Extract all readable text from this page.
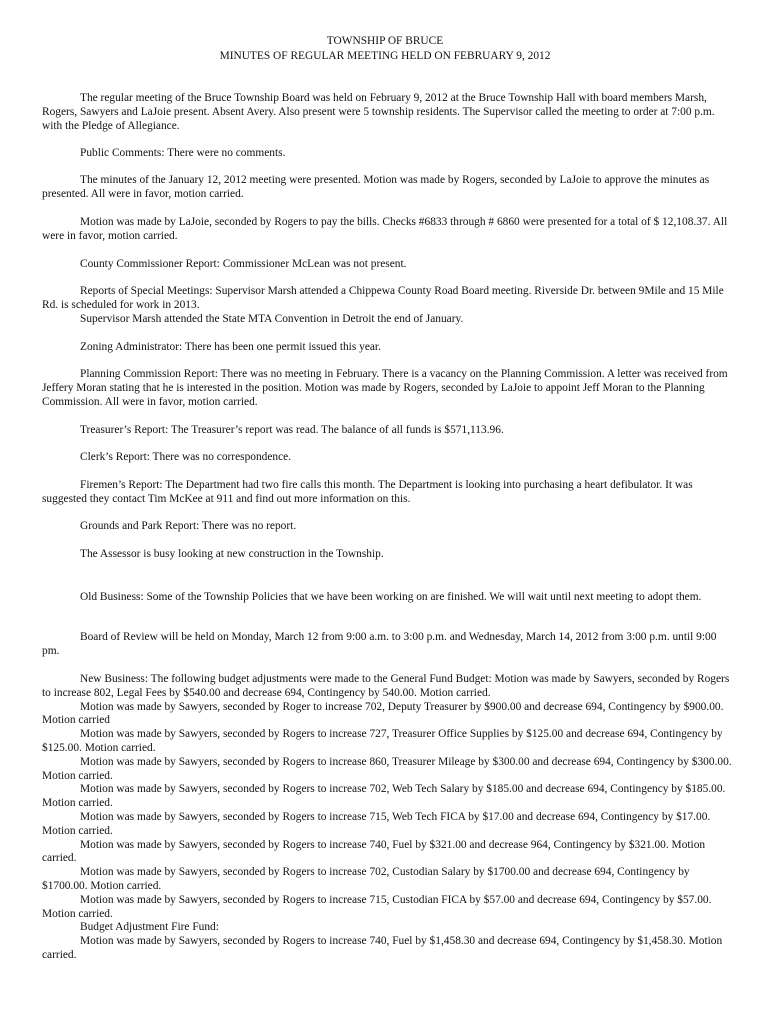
TOWNSHIP OF BRUCE
MINUTES OF REGULAR MEETING HELD ON FEBRUARY 9, 2012

The regular meeting of the Bruce Township Board was held on February 9, 2012 at the Bruce Township Hall with board members Marsh, Rogers, Sawyers and LaJoie present. Absent Avery. Also present were 5 township residents. The Supervisor called the meeting to order at 7:00 p.m. with the Pledge of Allegiance.

Public Comments: There were no comments.

The minutes of the January 12, 2012 meeting were presented. Motion was made by Rogers, seconded by LaJoie to approve the minutes as presented. All were in favor, motion carried.

Motion was made by LaJoie, seconded by Rogers to pay the bills. Checks #6833 through # 6860 were presented for a total of $ 12,108.37. All were in favor, motion carried.

County Commissioner Report: Commissioner McLean was not present.

Reports of Special Meetings: Supervisor Marsh attended a Chippewa County Road Board meeting. Riverside Dr. between 9Mile and 15 Mile Rd. is scheduled for work in 2013.

Supervisor Marsh attended the State MTA Convention in Detroit the end of January.

Zoning Administrator: There has been one permit issued this year.

Planning Commission Report: There was no meeting in February. There is a vacancy on the Planning Commission. A letter was received from Jeffery Moran stating that he is interested in the position. Motion was made by Rogers, seconded by LaJoie to appoint Jeff Moran to the Planning Commission. All were in favor, motion carried.

Treasurer’s Report: The Treasurer’s report was read. The balance of all funds is $571,113.96.

Clerk’s Report: There was no correspondence.

Firemen’s Report: The Department had two fire calls this month. The Department is looking into purchasing a heart defibulator. It was suggested they contact Tim McKee at 911 and find out more information on this.

Grounds and Park Report: There was no report.

The Assessor is busy looking at new construction in the Township.

Old Business: Some of the Township Policies that we have been working on are finished. We will wait until next meeting to adopt them.

Board of Review will be held on Monday, March 12 from 9:00 a.m. to 3:00 p.m. and Wednesday, March 14, 2012 from 3:00 p.m. until 9:00 pm.

New Business: The following budget adjustments were made to the General Fund Budget: Motion was made by Sawyers, seconded by Rogers to increase 802, Legal Fees by $540.00 and decrease 694, Contingency by 540.00. Motion carried.

Motion was made by Sawyers, seconded by Roger to increase 702, Deputy Treasurer by $900.00 and decrease 694, Contingency by $900.00. Motion carried

Motion was made by Sawyers, seconded by Rogers to increase 727, Treasurer Office Supplies by $125.00 and decrease 694, Contingency by $125.00. Motion carried.

Motion was made by Sawyers, seconded by Rogers to increase 860, Treasurer Mileage by $300.00 and decrease 694, Contingency by $300.00. Motion carried.

Motion was made by Sawyers, seconded by Rogers to increase 702, Web Tech Salary by $185.00 and decrease 694, Contingency by $185.00. Motion carried.

Motion was made by Sawyers, seconded by Rogers to increase 715, Web Tech FICA by $17.00 and decrease 694, Contingency by $17.00. Motion carried.

Motion was made by Sawyers, seconded by Rogers to increase 740, Fuel by $321.00 and decrease 964, Contingency by $321.00. Motion carried.

Motion was made by Sawyers, seconded by Rogers to increase 702, Custodian Salary by $1700.00 and decrease 694, Contingency by $1700.00. Motion carried.

Motion was made by Sawyers, seconded by Rogers to increase 715, Custodian FICA by $57.00 and decrease 694, Contingency by $57.00. Motion carried.

Budget Adjustment Fire Fund:

Motion was made by Sawyers, seconded by Rogers to increase 740, Fuel by $1,458.30 and decrease 694, Contingency by $1,458.30. Motion carried.
